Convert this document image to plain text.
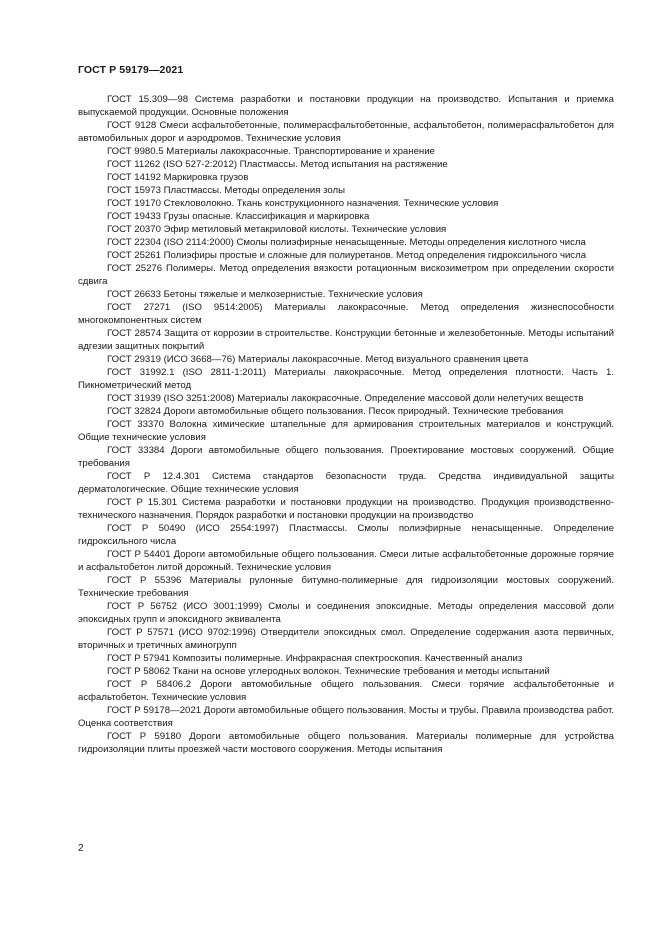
ГОСТ Р 59179—2021

ГОСТ 15.309—98 Система разработки и постановки продукции на производство. Испытания и приемка выпускаемой продукции. Основные положения

ГОСТ 9128 Смеси асфальтобетонные, полимерасфальтобетонные, асфальтобетон, полимерасфальтобетон для автомобильных дорог и аэродромов. Технические условия

ГОСТ 9980.5 Материалы лакокрасочные. Транспортирование и хранение

ГОСТ 11262 (ISO 527-2:2012) Пластмассы. Метод испытания на растяжение

ГОСТ 14192 Маркировка грузов

ГОСТ 15973 Пластмассы. Методы определения золы

ГОСТ 19170 Стекловолокно. Ткань конструкционного назначения. Технические условия

ГОСТ 19433 Грузы опасные. Классификация и маркировка

ГОСТ 20370 Эфир метиловый метакриловой кислоты. Технические условия

ГОСТ 22304 (ISO 2114:2000) Смолы полиэфирные ненасыщенные. Методы определения кислотного числа

ГОСТ 25261 Полиэфиры простые и сложные для полиуретанов. Метод определения гидроксильного числа

ГОСТ 25276 Полимеры. Метод определения вязкости ротационным вискозиметром при определении скорости сдвига

ГОСТ 26633 Бетоны тяжелые и мелкозернистые. Технические условия

ГОСТ 27271 (ISO 9514:2005) Материалы лакокрасочные. Метод определения жизнеспособности многокомпонентных систем

ГОСТ 28574 Защита от коррозии в строительстве. Конструкции бетонные и железобетонные. Методы испытаний адгезии защитных покрытий

ГОСТ 29319 (ИСО 3668—76) Материалы лакокрасочные. Метод визуального сравнения цвета

ГОСТ 31992.1 (ISO 2811-1:2011) Материалы лакокрасочные. Метод определения плотности. Часть 1. Пикнометрический метод

ГОСТ 31939 (ISO 3251:2008) Материалы лакокрасочные. Определение массовой доли нелетучих веществ

ГОСТ 32824 Дороги автомобильные общего пользования. Песок природный. Технические требования

ГОСТ 33370 Волокна химические штапельные для армирования строительных материалов и конструкций. Общие технические условия

ГОСТ 33384 Дороги автомобильные общего пользования. Проектирование мостовых сооружений. Общие требования

ГОСТ Р 12.4.301 Система стандартов безопасности труда. Средства индивидуальной защиты дерматологические. Общие технические условия

ГОСТ Р 15.301 Система разработки и постановки продукции на производство. Продукция производственно-технического назначения. Порядок разработки и постановки продукции на производство

ГОСТ Р 50490 (ИСО 2554:1997) Пластмассы. Смолы полиэфирные ненасыщенные. Определение гидроксильного числа

ГОСТ Р 54401 Дороги автомобильные общего пользования. Смеси литые асфальтобетонные дорожные горячие и асфальтобетон литой дорожный. Технические условия

ГОСТ Р 55396 Материалы рулонные битумно-полимерные для гидроизоляции мостовых сооружений. Технические требования

ГОСТ Р 56752 (ИСО 3001:1999) Смолы и соединения эпоксидные. Методы определения массовой доли эпоксидных групп и эпоксидного эквивалента

ГОСТ Р 57571 (ИСО 9702:1996) Отвердители эпоксидных смол. Определение содержания азота первичных, вторичных и третичных аминогрупп

ГОСТ Р 57941 Композиты полимерные. Инфракрасная спектроскопия. Качественный анализ

ГОСТ Р 58062 Ткани на основе углеродных волокон. Технические требования и методы испытаний

ГОСТ Р 58406.2 Дороги автомобильные общего пользования. Смеси горячие асфальтобетонные и асфальтобетон. Технические условия

ГОСТ Р 59178—2021 Дороги автомобильные общего пользования. Мосты и трубы. Правила производства работ. Оценка соответствия

ГОСТ Р 59180 Дороги автомобильные общего пользования. Материалы полимерные для устройства гидроизоляции плиты проезжей части мостового сооружения. Методы испытания

2
